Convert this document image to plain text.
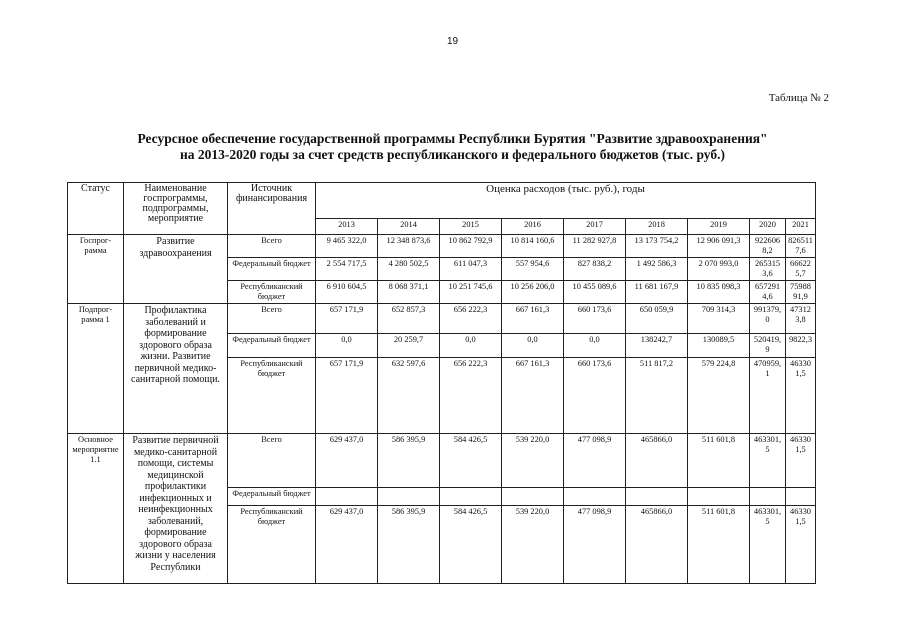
19
Таблица № 2
Ресурсное обеспечение государственной программы Республики Бурятия "Развитие здравоохранения"
на 2013-2020 годы за счет средств республиканского и федерального бюджетов (тыс. руб.)
Статус	Наименование госпрограммы, подпрограммы, мероприятие	Источник финансирования	Оценка расходов (тыс. руб.), годы								
			2013	2014	2015	2016	2017	2018	2019	2020	2021
Госпрог-
рамма	Развитие здравоохранения	Всего	9 465 322,0	12 348 873,6	10 862 792,9	10 814 160,6	11 282 927,8	13 173 754,2	12 906 091,3	9226068,2	8265117,6
		Федеральный бюджет	2 554 717,5	4 280 502,5	611 047,3	557 954,6	827 838,2	1 492 586,3	2 070 993,0	2653153,6	666225,7
		Республиканский бюджет	6 910 604,5	8 068 371,1	10 251 745,6	10 256 206,0	10 455 089,6	11 681 167,9	10 835 098,3	6572914,6	7598891,9
Подпрог-
рамма 1	Профилактика заболеваний и формирование здорового образа жизни. Развитие первичной медико-санитарной помощи.	Всего	657 171,9	652 857,3	656 222,3	667 161,3	660 173,6	650 059,9	709 314,3	991379,0	473123,8
		Федеральный бюджет	0,0	20 259,7	0,0	0,0	0,0	138242,7	130089,5	520419,9	9822,3
		Республиканский бюджет	657 171,9	632 597,6	656 222,3	667 161,3	660 173,6	511 817,2	579 224,8	470959,1	463301,5
Основное мероприятие 1.1	Развитие первичной медико-санитарной помощи, системы медицинской профилактики инфекционных и неинфекционных заболеваний, формирование здорового образа жизни у населения Республики	Всего	629 437,0	586 395,9	584 426,5	539 220,0	477 098,9	465866,0	511 601,8	463301,5	463301,5
		Федеральный бюджет									
		Республиканский бюджет	629 437,0	586 395,9	584 426,5	539 220,0	477 098,9	465866,0	511 601,8	463301,5	463301,5
